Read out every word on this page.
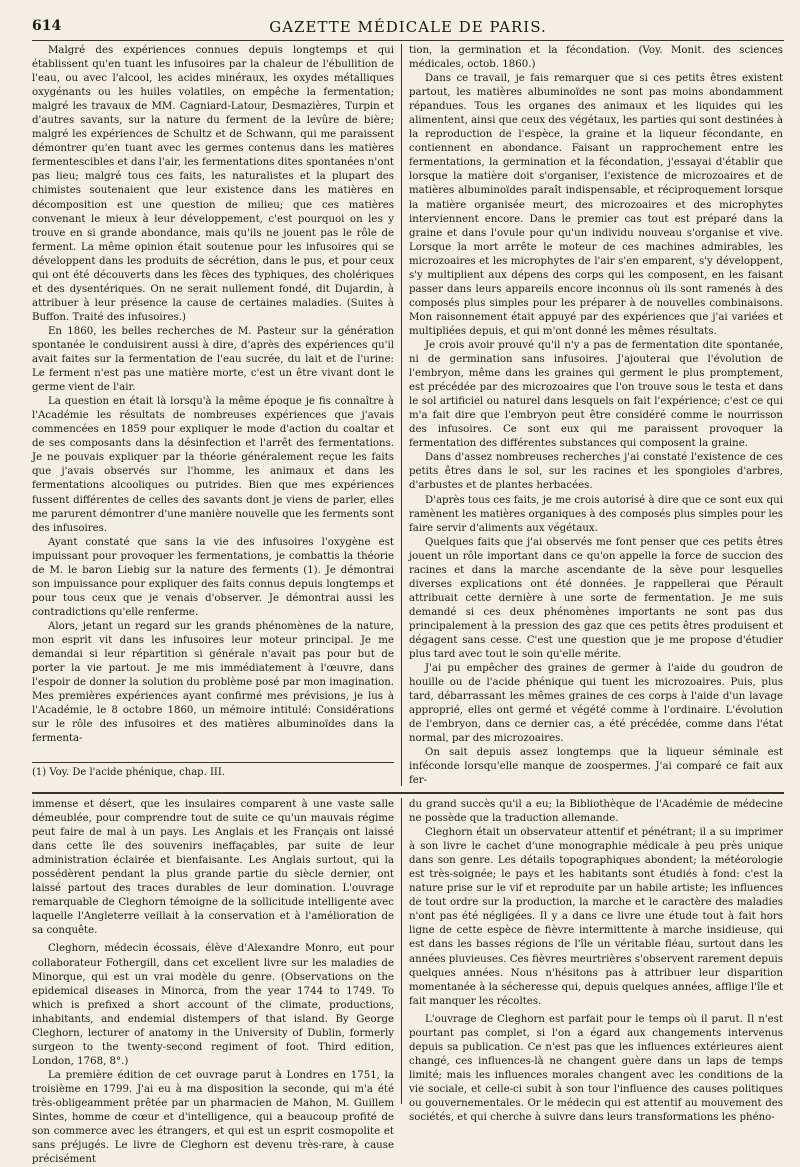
GAZETTE MÉDICALE DE PARIS.
614

Malgré des expériences connues depuis longtemps et qui établissent qu'en tuant les infusoires par la chaleur de l'ébullition de l'eau, ou avec l'alcool, les acides minéraux, les oxydes métalliques oxygénants ou les huiles volatiles, on empêche la fermentation; malgré les travaux de MM. Cagniard-Latour, Desmazières, Turpin et d'autres savants, sur la nature du ferment de la levûre de bière; malgré les expériences de Schultz et de Schwann, qui me paraissent démontrer qu'en tuant avec les germes contenus dans les matières fermentescibles et dans l'air, les fermentations dites spontanées n'ont pas lieu; malgré tous ces faits, les naturalistes et la plupart des chimistes soutenaient que leur existence dans les matières en décomposition est une question de milieu; que ces matières convenant le mieux à leur développement, c'est pourquoi on les y trouve en si grande abondance, mais qu'ils ne jouent pas le rôle de ferment. La même opinion était soutenue pour les infusoires qui se développent dans les produits de sécrétion, dans le pus, et pour ceux qui ont été découverts dans les fèces des typhiques, des cholériques et des dysentériques. On ne serait nullement fondé, dit Dujardin, à attribuer à leur présence la cause de certaines maladies. (Suites à Buffon. Traité des infusoires.)

En 1860, les belles recherches de M. Pasteur sur la génération spontanée le conduisirent aussi à dire, d'après des expériences qu'il avait faites sur la fermentation de l'eau sucrée, du lait et de l'urine: Le ferment n'est pas une matière morte, c'est un être vivant dont le germe vient de l'air.

La question en était là lorsqu'à la même époque je fis connaître à l'Académie les résultats de nombreuses expériences que j'avais commencées en 1859 pour expliquer le mode d'action du coaltar et de ses composants dans la désinfection et l'arrêt des fermentations. Je ne pouvais expliquer par la théorie généralement reçue les faits que j'avais observés sur l'homme, les animaux et dans les fermentations alcooliques ou putrides. Bien que mes expériences fussent différentes de celles des savants dont je viens de parler, elles me parurent démontrer d'une manière nouvelle que les ferments sont des infusoires.

Ayant constaté que sans la vie des infusoires l'oxygène est impuissant pour provoquer les fermentations, je combattis la théorie de M. le baron Liebig sur la nature des ferments (1). Je démontrai son impuissance pour expliquer des faits connus depuis longtemps et pour tous ceux que je venais d'observer. Je démontrai aussi les contradictions qu'elle renferme.

Alors, jetant un regard sur les grands phénomènes de la nature, mon esprit vit dans les infusoires leur moteur principal. Je me demandai si leur répartition si générale n'avait pas pour but de porter la vie partout. Je me mis immédiatement à l'œuvre, dans l'espoir de donner la solution du problème posé par mon imagination. Mes premières expériences ayant confirmé mes prévisions, je lus à l'Académie, le 8 octobre 1860, un mémoire intitulé: Considérations sur le rôle des infusoires et des matières albuminoïdes dans la fermenta-

(1) Voy. De l'acide phénique, chap. III.

tion, la germination et la fécondation. (Voy. Monit. des sciences médicales, octob. 1860.)

Dans ce travail, je fais remarquer que si ces petits êtres existent partout, les matières albuminoïdes ne sont pas moins abondamment répandues. Tous les organes des animaux et les liquides qui les alimentent, ainsi que ceux des végétaux, les parties qui sont destinées à la reproduction de l'espèce, la graine et la liqueur fécondante, en contiennent en abondance. Faisant un rapprochement entre les fermentations, la germination et la fécondation, j'essayai d'établir que lorsque la matière doit s'organiser, l'existence de microzoaires et de matières albuminoïdes paraît indispensable, et réciproquement lorsque la matière organisée meurt, des microzoaires et des microphytes interviennent encore. Dans le premier cas tout est préparé dans la graine et dans l'ovule pour qu'un individu nouveau s'organise et vive. Lorsque la mort arrête le moteur de ces machines admirables, les microzoaires et les microphytes de l'air s'en emparent, s'y développent, s'y multiplient aux dépens des corps qui les composent, en les faisant passer dans leurs appareils encore inconnus où ils sont ramenés à des composés plus simples pour les préparer à de nouvelles combinaisons. Mon raisonnement était appuyé par des expériences que j'ai variées et multipliées depuis, et qui m'ont donné les mêmes résultats.

Je crois avoir prouvé qu'il n'y a pas de fermentation dite spontanée, ni de germination sans infusoires. J'ajouterai que l'évolution de l'embryon, même dans les graines qui germent le plus promptement, est précédée par des microzoaires que l'on trouve sous le testa et dans le sol artificiel ou naturel dans lesquels on fait l'expérience; c'est ce qui m'a fait dire que l'embryon peut être considéré comme le nourrisson des infusoires. Ce sont eux qui me paraissent provoquer la fermentation des différentes substances qui composent la graine.

Dans d'assez nombreuses recherches j'ai constaté l'existence de ces petits êtres dans le sol, sur les racines et les spongioles d'arbres, d'arbustes et de plantes herbacées.

D'après tous ces faits, je me crois autorisé à dire que ce sont eux qui ramènent les matières organiques à des composés plus simples pour les faire servir d'aliments aux végétaux.

Quelques faits que j'ai observés me font penser que ces petits êtres jouent un rôle important dans ce qu'on appelle la force de succion des racines et dans la marche ascendante de la sève pour lesquelles diverses explications ont été données. Je rappellerai que Pérault attribuait cette dernière à une sorte de fermentation. Je me suis demandé si ces deux phénomènes importants ne sont pas dus principalement à la pression des gaz que ces petits êtres produisent et dégagent sans cesse. C'est une question que je me propose d'étudier plus tard avec tout le soin qu'elle mérite.

J'ai pu empêcher des graines de germer à l'aide du goudron de houille ou de l'acide phénique qui tuent les microzoaires. Puis, plus tard, débarrassant les mêmes graines de ces corps à l'aide d'un lavage approprié, elles ont germé et végété comme à l'ordinaire. L'évolution de l'embryon, dans ce dernier cas, a été précédée, comme dans l'état normal, par des microzoaires.

On sait depuis assez longtemps que la liqueur séminale est inféconde lorsqu'elle manque de zoospermes. J'ai comparé ce fait aux fer-

immense et désert, que les insulaires comparent à une vaste salle démeublée, pour comprendre tout de suite ce qu'un mauvais régime peut faire de mal à un pays. Les Anglais et les Français ont laissé dans cette île des souvenirs ineffaçables, par suite de leur administration éclairée et bienfaisante. Les Anglais surtout, qui la possédèrent pendant la plus grande partie du siècle dernier, ont laissé partout des traces durables de leur domination. L'ouvrage remarquable de Cleghorn témoigne de la sollicitude intelligente avec laquelle l'Angleterre veillait à la conservation et à l'amélioration de sa conquête.

Cleghorn, médecin écossais, élève d'Alexandre Monro, eut pour collaborateur Fothergill, dans cet excellent livre sur les maladies de Minorque, qui est un vrai modèle du genre. (Observations on the epidemical diseases in Minorca, from the year 1744 to 1749. To which is prefixed a short account of the climate, productions, inhabitants, and endemial distempers of that island. By George Cleghorn, lecturer of anatomy in the University of Dublin, formerly surgeon to the twenty-second regiment of foot. Third edition, London, 1768, 8°.)

La première édition de cet ouvrage parut à Londres en 1751, la troisième en 1799. J'ai eu à ma disposition la seconde, qui m'a été très-obligeamment prêtée par un pharmacien de Mahon, M. Guillem Sintes, homme de cœur et d'intelligence, qui a beaucoup profité de son commerce avec les étrangers, et qui est un esprit cosmopolite et sans préjugés. Le livre de Cleghorn est devenu très-rare, à cause précisément

du grand succès qu'il a eu; la Bibliothèque de l'Académie de médecine ne possède que la traduction allemande.

Cleghorn était un observateur attentif et pénétrant; il a su imprimer à son livre le cachet d'une monographie médicale à peu près unique dans son genre. Les détails topographiques abondent; la météorologie est très-soignée; le pays et les habitants sont étudiés à fond: c'est la nature prise sur le vif et reproduite par un habile artiste; les influences de tout ordre sur la production, la marche et le caractère des maladies n'ont pas été négligées. Il y a dans ce livre une étude tout à fait hors ligne de cette espèce de fièvre intermittente à marche insidieuse, qui est dans les basses régions de l'île un véritable fléau, surtout dans les années pluvieuses. Ces fièvres meurtrières s'observent rarement depuis quelques années. Nous n'hésitons pas à attribuer leur disparition momentanée à la sécheresse qui, depuis quelques années, afflige l'île et fait manquer les récoltes.

L'ouvrage de Cleghorn est parfait pour le temps où il parut. Il n'est pourtant pas complet, si l'on a égard aux changements intervenus depuis sa publication. Ce n'est pas que les influences extérieures aient changé, ces influences-là ne changent guère dans un laps de temps limité; mais les influences morales changent avec les conditions de la vie sociale, et celle-ci subit à son tour l'influence des causes politiques ou gouvernementales. Or le médecin qui est attentif au mouvement des sociétés, et qui cherche à suivre dans leurs transformations les phéno-
